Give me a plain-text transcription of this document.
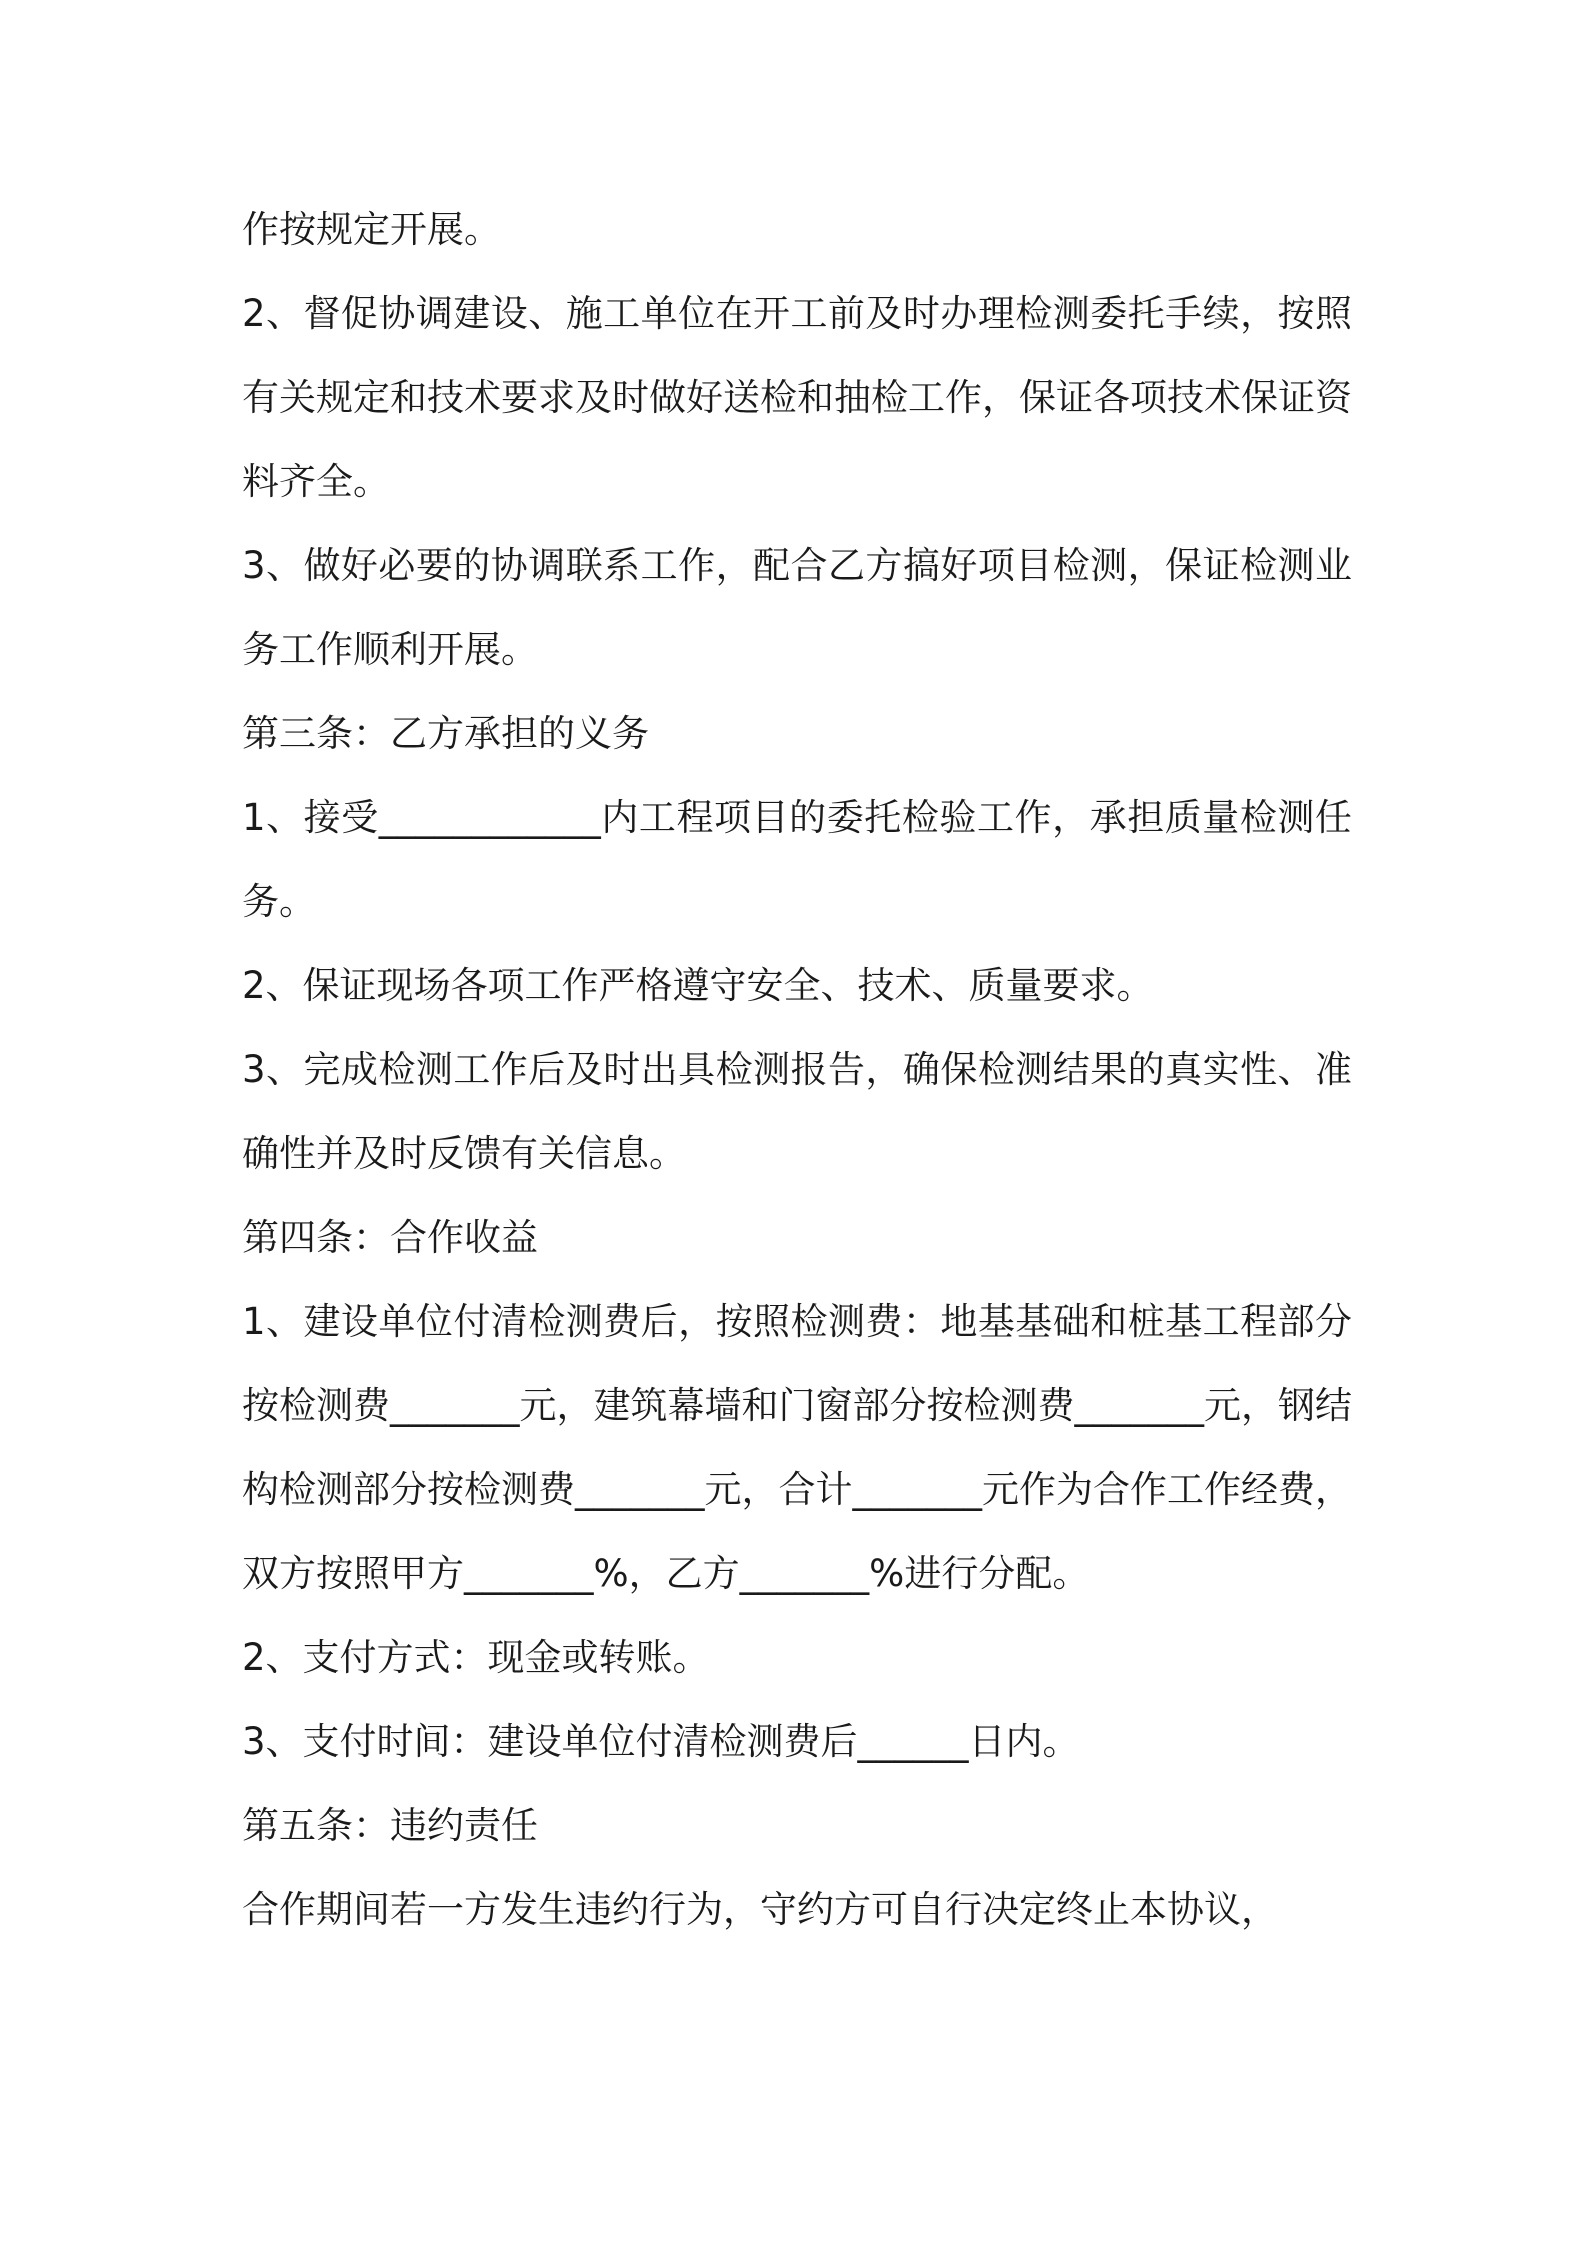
作按规定开展。

2、督促协调建设、施工单位在开工前及时办理检测委托手续，按照有关规定和技术要求及时做好送检和抽检工作，保证各项技术保证资料齐全。

3、做好必要的协调联系工作，配合乙方搞好项目检测，保证检测业务工作顺利开展。

第三条：乙方承担的义务

1、接受____________内工程项目的委托检验工作，承担质量检测任务。

2、保证现场各项工作严格遵守安全、技术、质量要求。

3、完成检测工作后及时出具检测报告，确保检测结果的真实性、准确性并及时反馈有关信息。

第四条：合作收益

1、建设单位付清检测费后，按照检测费：地基基础和桩基工程部分按检测费_______元，建筑幕墙和门窗部分按检测费_______元，钢结构检测部分按检测费_______元，合计_______元作为合作工作经费，双方按照甲方_______%，乙方_______%进行分配。

2、支付方式：现金或转账。

3、支付时间：建设单位付清检测费后______日内。

第五条：违约责任

合作期间若一方发生违约行为，守约方可自行决定终止本协议，
